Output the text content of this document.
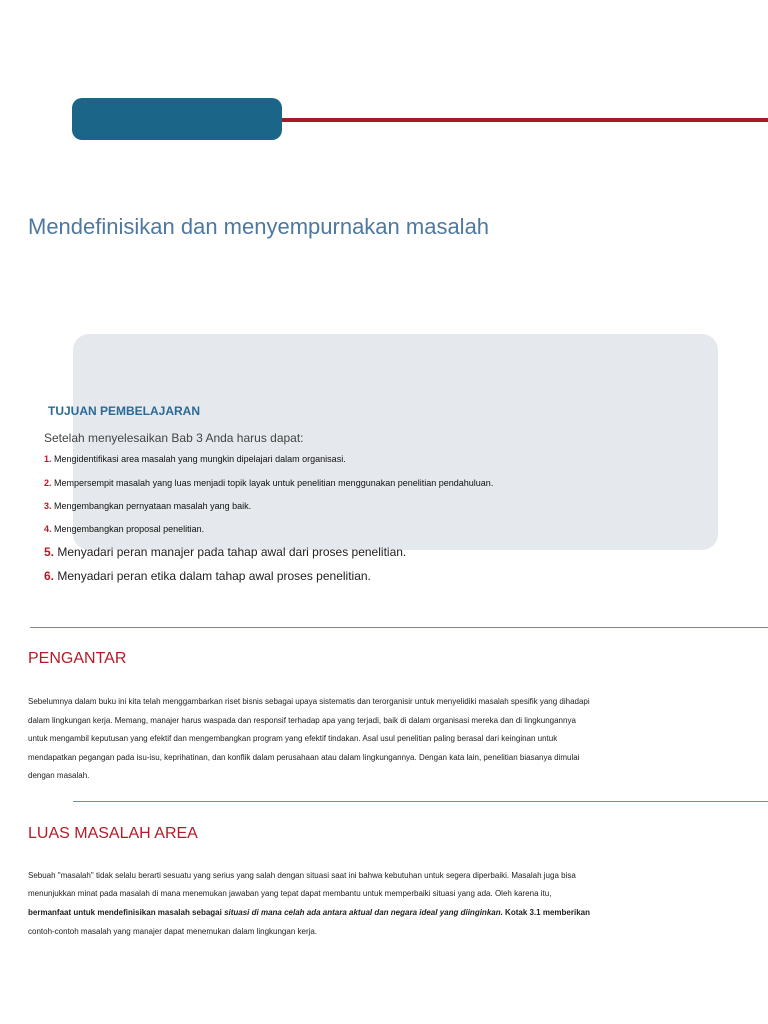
Mendefinisikan dan menyempurnakan masalah
TUJUAN PEMBELAJARAN
Setelah menyelesaikan Bab 3 Anda harus dapat:
1. Mengidentifikasi area masalah yang mungkin dipelajari dalam organisasi.
2. Mempersempit masalah yang luas menjadi topik layak untuk penelitian menggunakan penelitian pendahuluan.
3. Mengembangkan pernyataan masalah yang baik.
4. Mengembangkan proposal penelitian.
5. Menyadari peran manajer pada tahap awal dari proses penelitian.
6. Menyadari peran etika dalam tahap awal proses penelitian.
PENGANTAR
Sebelumnya dalam buku ini kita telah menggambarkan riset bisnis sebagai upaya sistematis dan terorganisir untuk menyelidiki masalah spesifik yang dihadapi
dalam lingkungan kerja. Memang, manajer harus waspada dan responsif terhadap apa yang terjadi, baik di dalam organisasi mereka dan di lingkungannya
untuk mengambil keputusan yang efektif dan mengembangkan program yang efektif tindakan. Asal usul penelitian paling berasal dari keinginan untuk
mendapatkan pegangan pada isu-isu, keprihatinan, dan konflik dalam perusahaan atau dalam lingkungannya. Dengan kata lain, penelitian biasanya dimulai
dengan masalah.
LUAS MASALAH AREA
Sebuah "masalah" tidak selalu berarti sesuatu yang serius yang salah dengan situasi saat ini bahwa kebutuhan untuk segera diperbaiki. Masalah juga bisa
menunjukkan minat pada masalah di mana menemukan jawaban yang tepat dapat membantu untuk memperbaiki situasi yang ada. Oleh karena itu,
bermanfaat untuk mendefinisikan masalah sebagai situasi di mana celah ada antara aktual dan negara ideal yang diinginkan. Kotak 3.1 memberikan
contoh-contoh masalah yang manajer dapat menemukan dalam lingkungan kerja.
